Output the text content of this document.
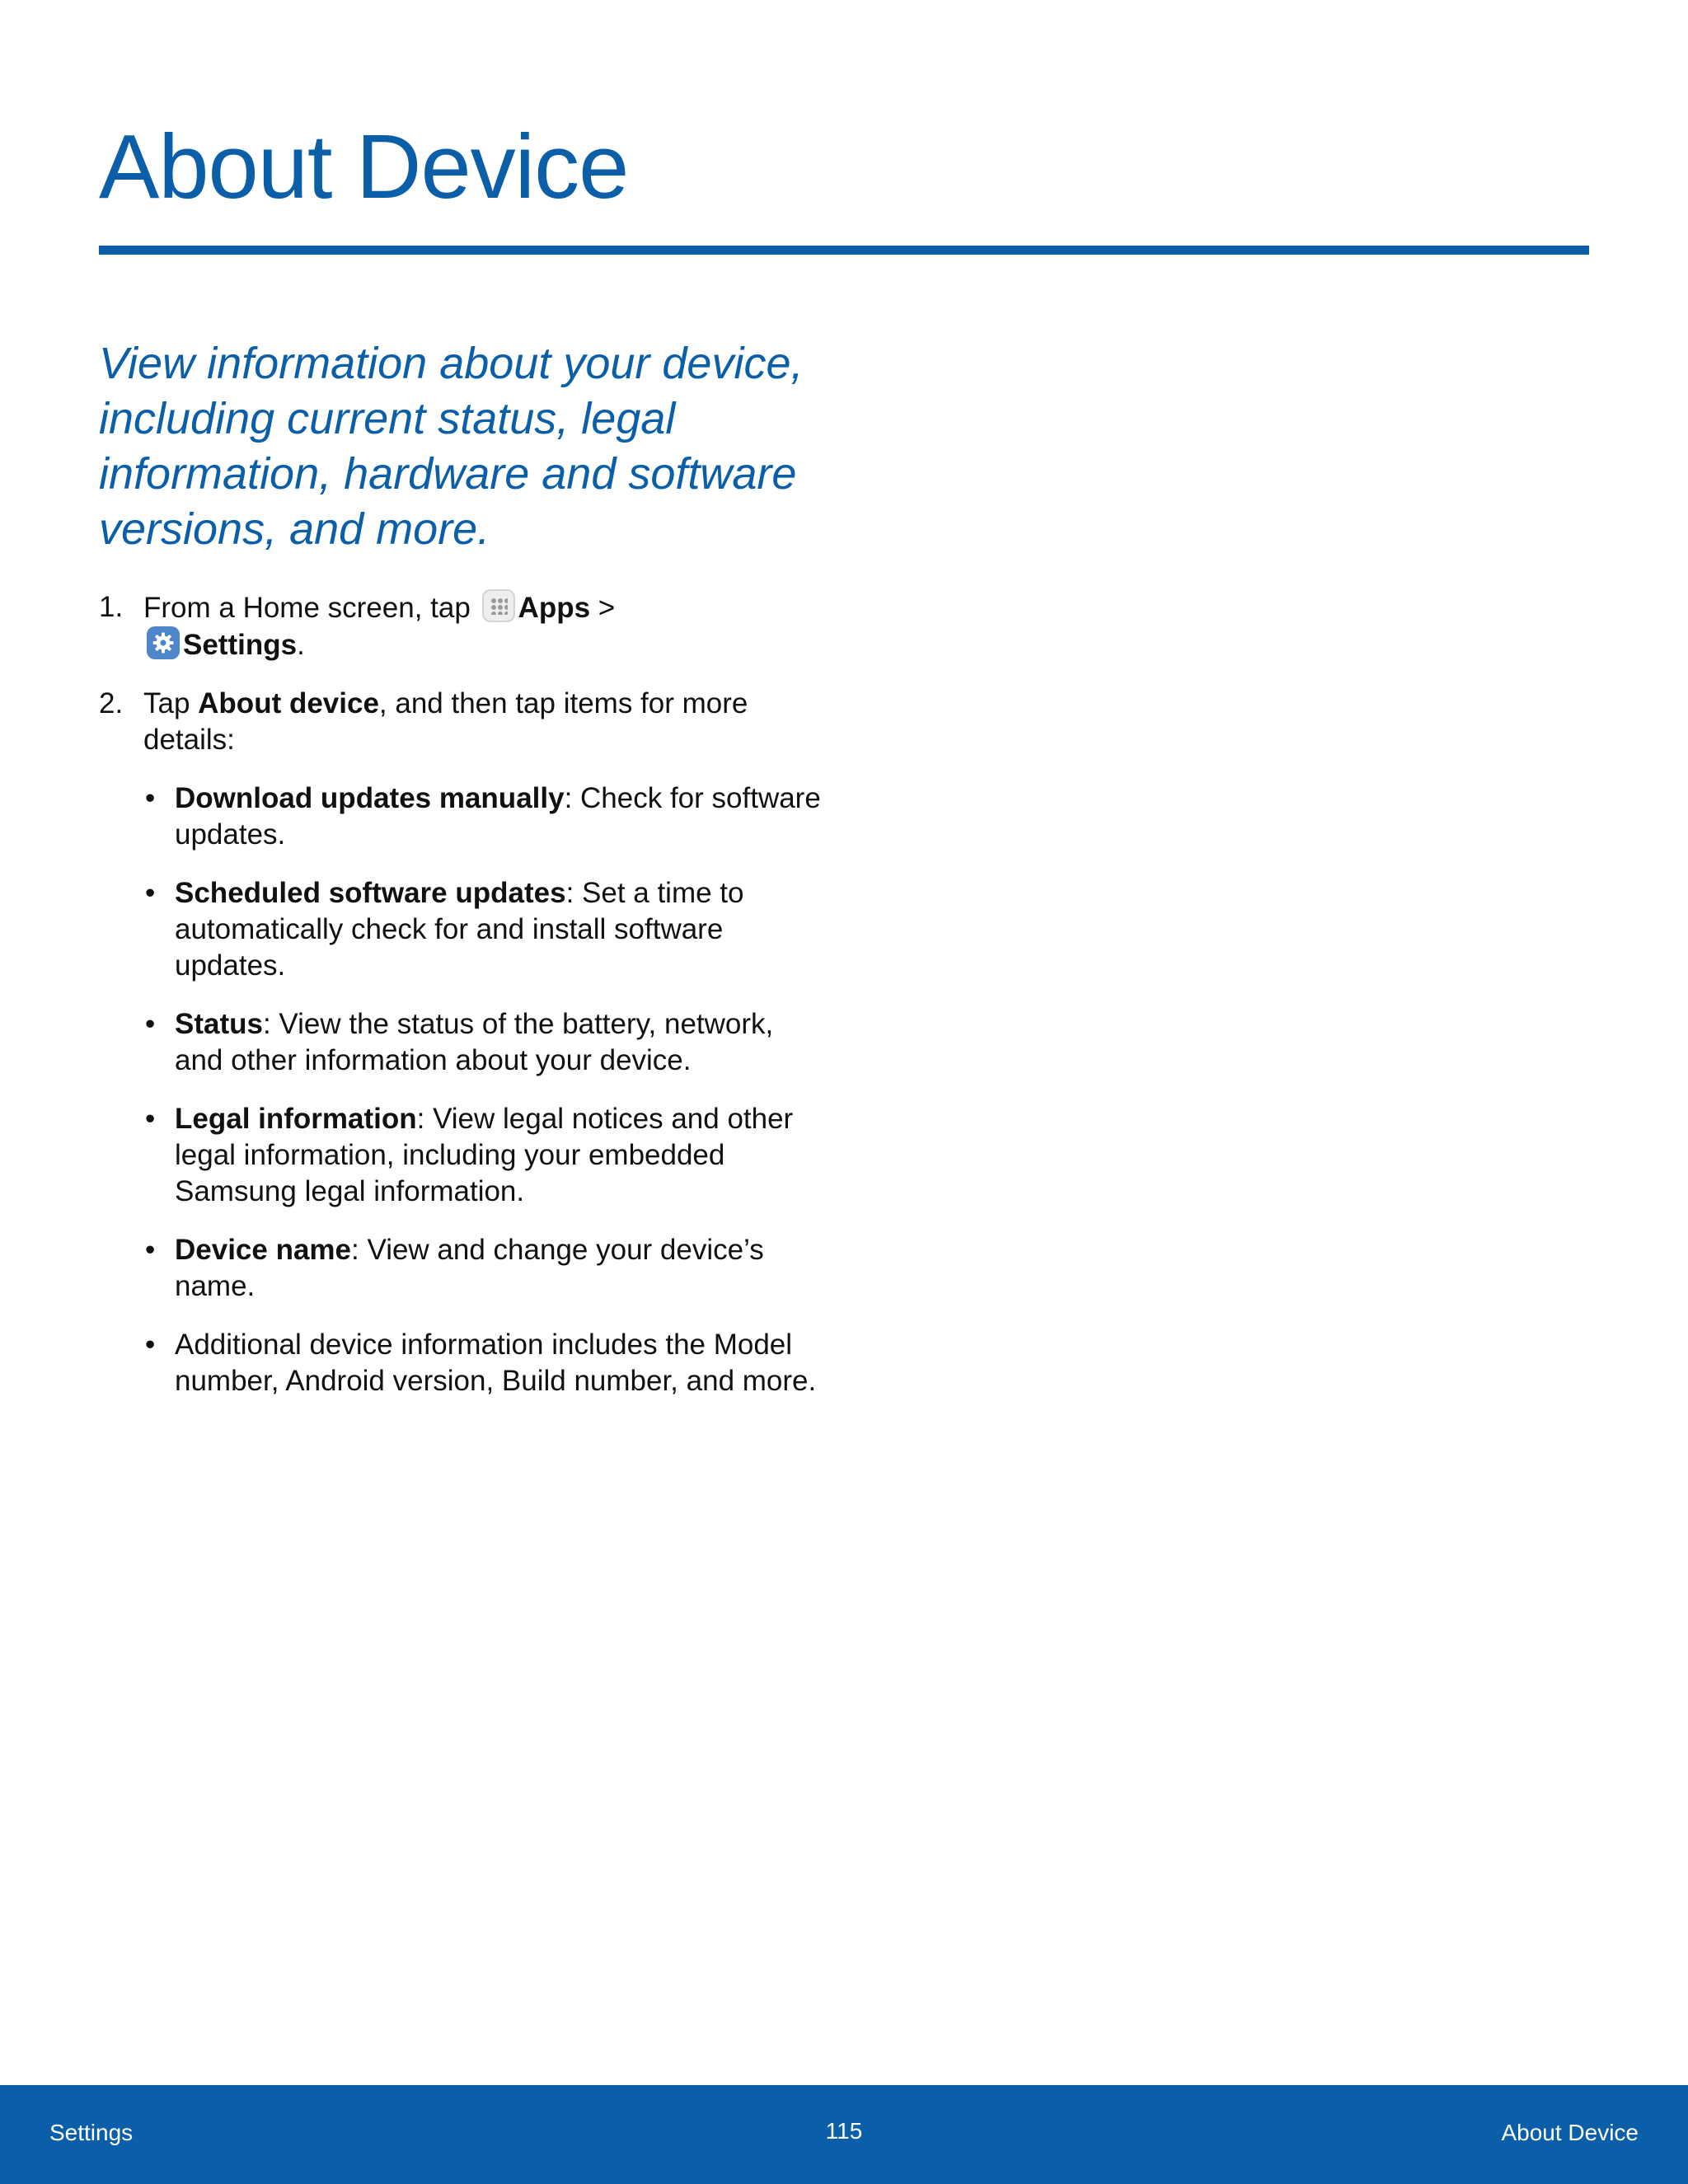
About Device

View information about your device, including current status, legal information, hardware and software versions, and more.

1. From a Home screen, tap Apps >

Settings.
2. Tap About device, and then tap items for more details:
• Download updates manually: Check for software updates.
• Scheduled software updates: Set a time to automatically check for and install software updates.
• Status: View the status of the battery, network, and other information about your device.
• Legal information: View legal notices and other legal information, including your embedded Samsung legal information.
• Device name: View and change your device’s name.
• Additional device information includes the Model number, Android version, Build number, and more.
Settings	115	About Device
